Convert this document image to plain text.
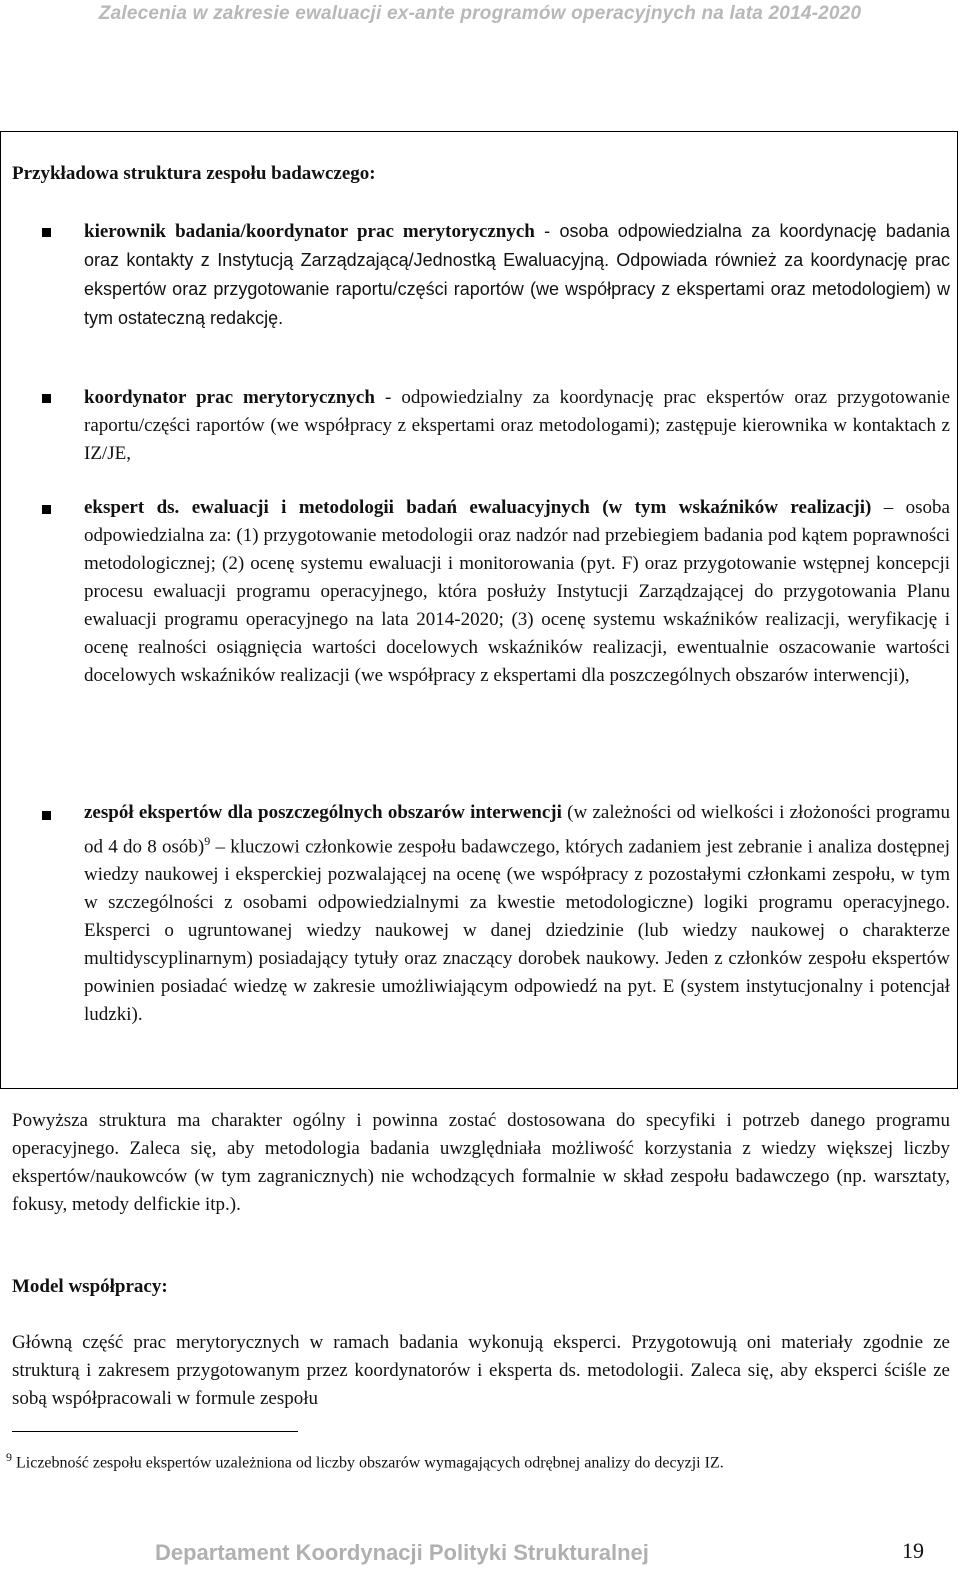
Zalecenia w zakresie ewaluacji ex-ante programów operacyjnych na lata 2014-2020
Przykładowa struktura zespołu badawczego:
kierownik badania/koordynator prac merytorycznych - osoba odpowiedzialna za koordynację badania oraz kontakty z Instytucją Zarządzającą/Jednostką Ewaluacyjną. Odpowiada również za koordynację prac ekspertów oraz przygotowanie raportu/części raportów (we współpracy z ekspertami oraz metodologiem) w tym ostateczną redakcję.
koordynator prac merytorycznych - odpowiedzialny za koordynację prac ekspertów oraz przygotowanie raportu/części raportów (we współpracy z ekspertami oraz metodologami); zastępuje kierownika w kontaktach z IZ/JE,
ekspert ds. ewaluacji i metodologii badań ewaluacyjnych (w tym wskaźników realizacji) – osoba odpowiedzialna za: (1) przygotowanie metodologii oraz nadzór nad przebiegiem badania pod kątem poprawności metodologicznej; (2) ocenę systemu ewaluacji i monitorowania (pyt. F) oraz przygotowanie wstępnej koncepcji procesu ewaluacji programu operacyjnego, która posłuży Instytucji Zarządzającej do przygotowania Planu ewaluacji programu operacyjnego na lata 2014-2020; (3) ocenę systemu wskaźników realizacji, weryfikację i ocenę realności osiągnięcia wartości docelowych wskaźników realizacji, ewentualnie oszacowanie wartości docelowych wskaźników realizacji (we współpracy z ekspertami dla poszczególnych obszarów interwencji),
zespół ekspertów dla poszczególnych obszarów interwencji (w zależności od wielkości i złożoności programu od 4 do 8 osób)$^9$ – kluczowi członkowie zespołu badawczego, których zadaniem jest zebranie i analiza dostępnej wiedzy naukowej i eksperckiej pozwalającej na ocenę (we współpracy z pozostałymi członkami zespołu, w tym w szczególności z osobami odpowiedzialnymi za kwestie metodologiczne) logiki programu operacyjnego. Eksperci o ugruntowanej wiedzy naukowej w danej dziedzinie (lub wiedzy naukowej o charakterze multidyscyplinarnym) posiadający tytuły oraz znaczący dorobek naukowy. Jeden z członków zespołu ekspertów powinien posiadać wiedzę w zakresie umożliwiającym odpowiedź na pyt. E (system instytucjonalny i potencjał ludzki).
Powyższa struktura ma charakter ogólny i powinna zostać dostosowana do specyfiki i potrzeb danego programu operacyjnego. Zaleca się, aby metodologia badania uwzględniała możliwość korzystania z wiedzy większej liczby ekspertów/naukowców (w tym zagranicznych) nie wchodzących formalnie w skład zespołu badawczego (np. warsztaty, fokusy, metody delfickie itp.).
Model współpracy:
Główną część prac merytorycznych w ramach badania wykonują eksperci. Przygotowują oni materiały zgodnie ze strukturą i zakresem przygotowanym przez koordynatorów i eksperta ds. metodologii. Zaleca się, aby eksperci ściśle ze sobą współpracowali w formule zespołu
$^9$ Liczebność zespołu ekspertów uzależniona od liczby obszarów wymagających odrębnej analizy do decyzji IZ.
Departament Koordynacji Polityki Strukturalnej	19
